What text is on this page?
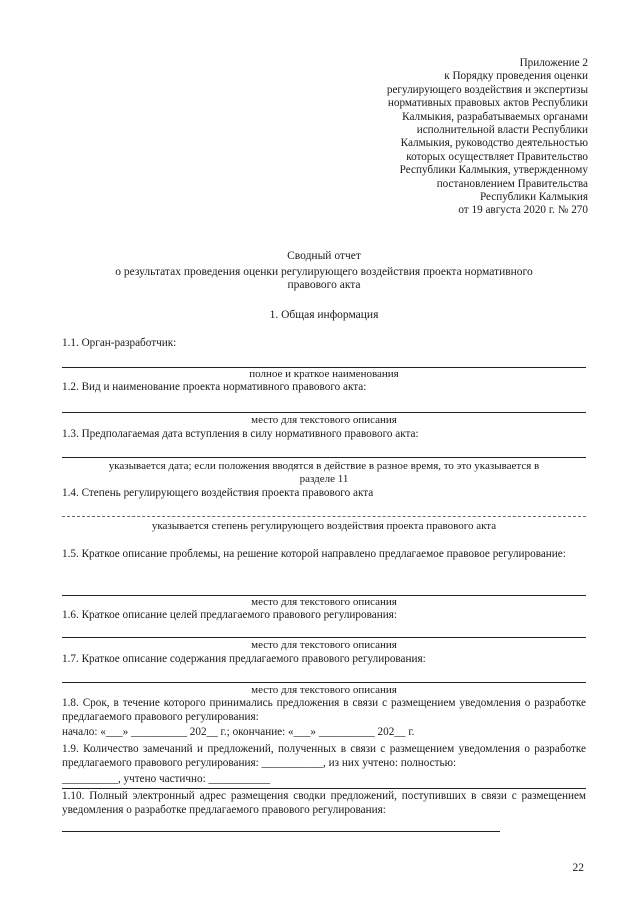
Приложение 2
к Порядку проведения оценки
регулирующего воздействия и экспертизы
нормативных правовых актов Республики
Калмыкия, разрабатываемых органами
исполнительной власти Республики
Калмыкия, руководство деятельностью
которых осуществляет Правительство
Республики Калмыкия, утвержденному
постановлением Правительства
Республики Калмыкия
от 19 августа 2020 г. № 270
Сводный отчет
о результатах проведения оценки регулирующего воздействия проекта нормативного
правового акта
1. Общая информация
1.1. Орган-разработчик:
полное и краткое наименования
1.2. Вид и наименование проекта нормативного правового акта:
место для текстового описания
1.3. Предполагаемая дата вступления в силу нормативного правового акта:
указывается дата; если положения вводятся в действие в разное время, то это указывается в
разделе 11
1.4. Степень регулирующего воздействия проекта правового акта
указывается степень регулирующего воздействия проекта правового акта
1.5. Краткое описание проблемы, на решение которой направлено предлагаемое правовое регулирование:
место для текстового описания
1.6. Краткое описание целей предлагаемого правового регулирования:
место для текстового описания
1.7. Краткое описание содержания предлагаемого правового регулирования:
место для текстового описания
1.8. Срок, в течение которого принимались предложения в связи с размещением уведомления о разработке предлагаемого правового регулирования:
начало: «___» __________ 202__ г.; окончание: «___» __________ 202__ г.
1.9. Количество замечаний и предложений, полученных в связи с размещением уведомления о разработке предлагаемого правового регулирования: ___________, из них учтено: полностью:
__________, учтено частично: ___________
1.10. Полный электронный адрес размещения сводки предложений, поступивших в связи с размещением уведомления о разработке предлагаемого правового регулирования:
22
